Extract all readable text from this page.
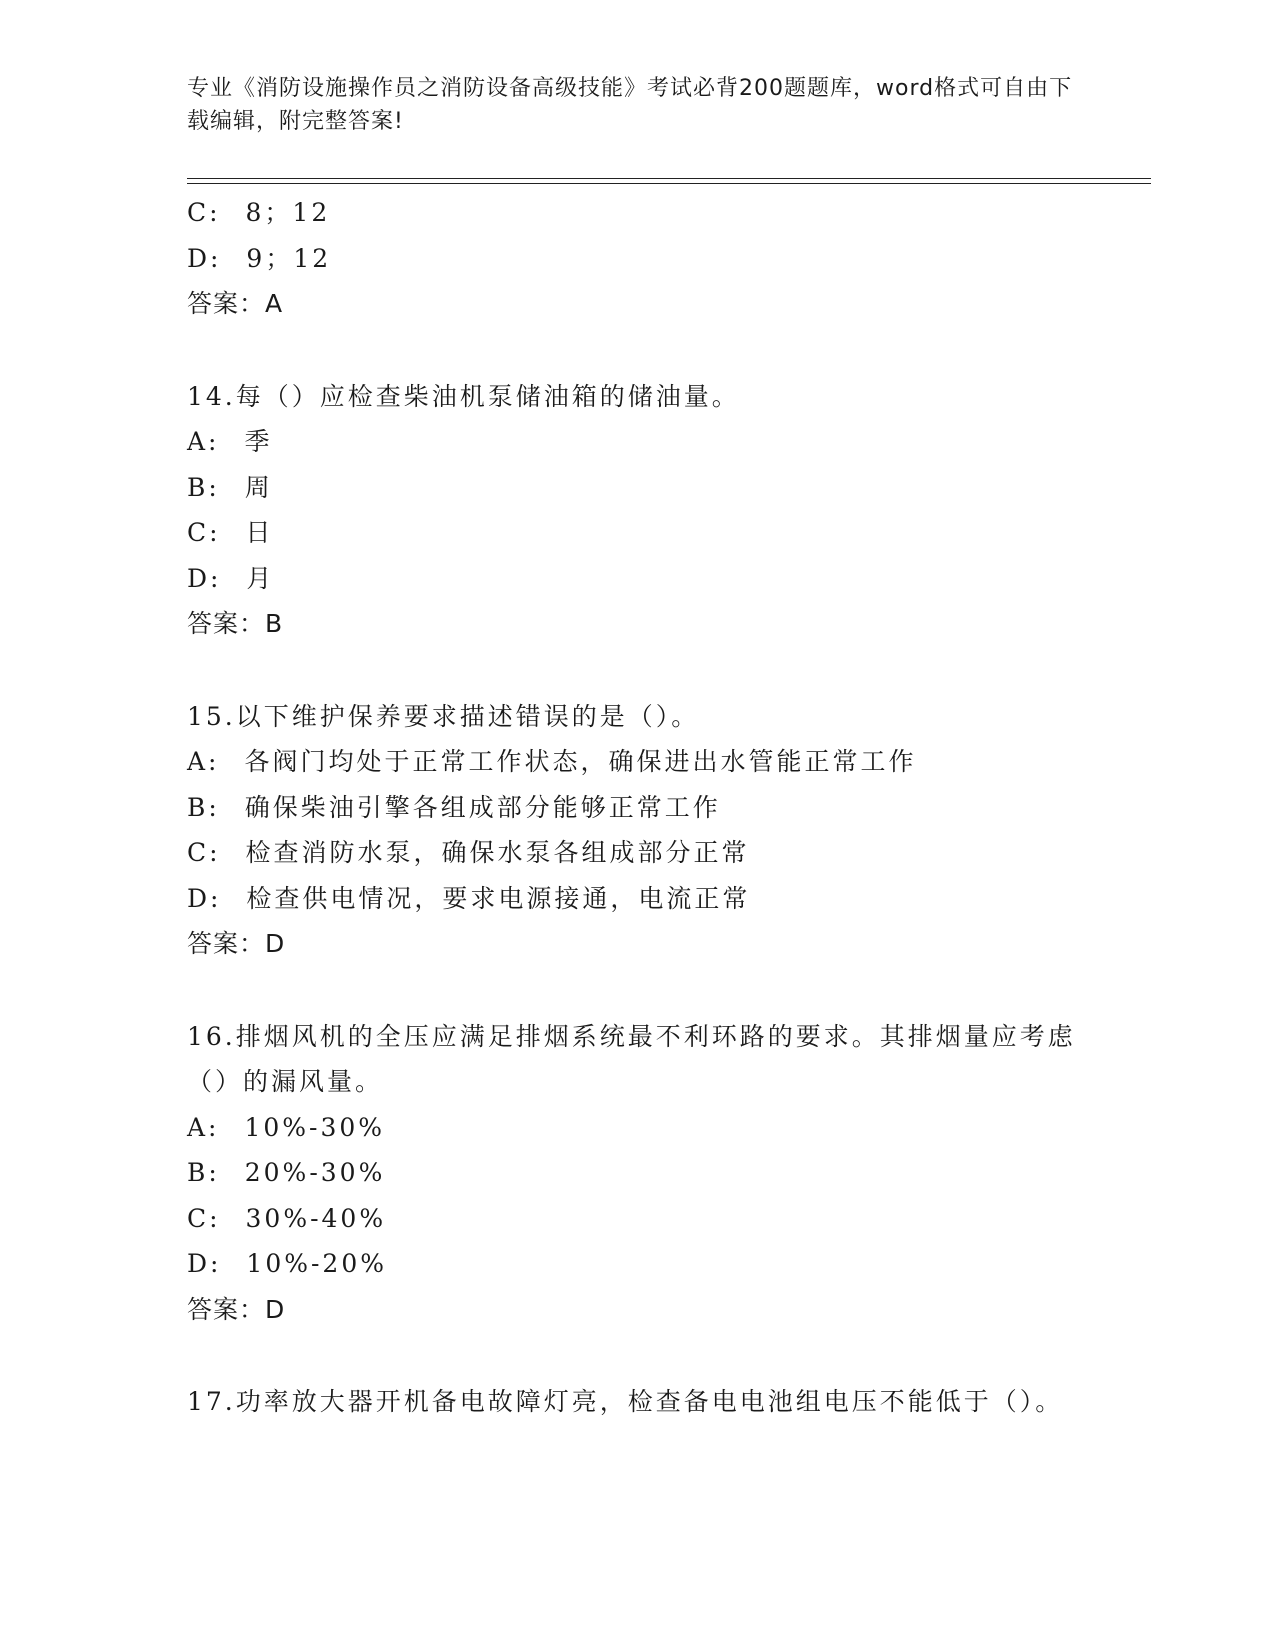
专业《消防设施操作员之消防设备高级技能》考试必背200题题库，word格式可自由下载编辑，附完整答案!
C: 8；12
D: 9；12
答案：A
14.每（）应检查柴油机泵储油箱的储油量。
A: 季
B: 周
C: 日
D: 月
答案：B
15.以下维护保养要求描述错误的是（）。
A: 各阀门均处于正常工作状态，确保进出水管能正常工作
B: 确保柴油引擎各组成部分能够正常工作
C: 检查消防水泵，确保水泵各组成部分正常
D: 检查供电情况，要求电源接通，电流正常
答案：D
16.排烟风机的全压应满足排烟系统最不利环路的要求。其排烟量应考虑（）的漏风量。
A: 10%-30%
B: 20%-30%
C: 30%-40%
D: 10%-20%
答案：D
17.功率放大器开机备电故障灯亮，检查备电电池组电压不能低于（）。
